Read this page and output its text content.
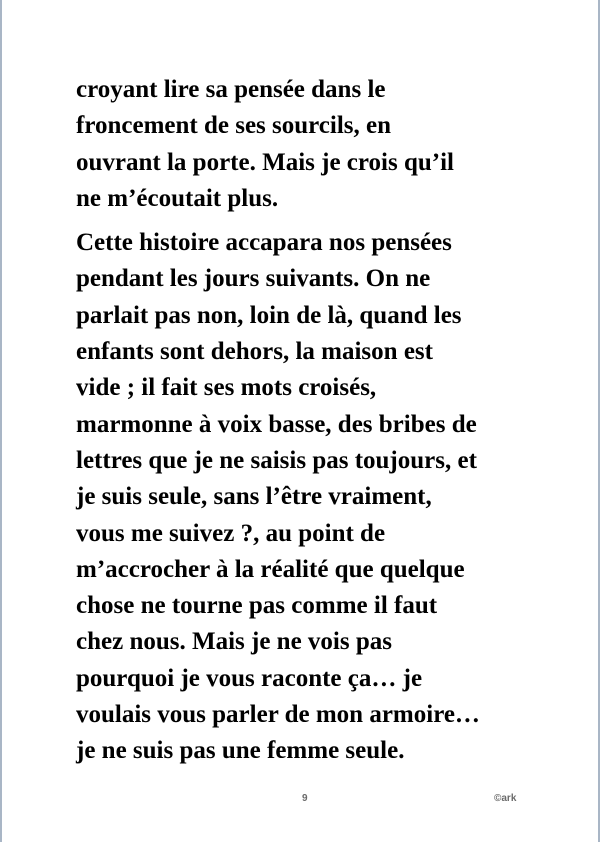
croyant lire sa pensée dans le
froncement de ses sourcils, en
ouvrant la porte. Mais je crois qu’il
ne m’écoutait plus.

Cette histoire accapara nos pensées
pendant les jours suivants. On ne
parlait pas non, loin de là, quand les
enfants sont dehors, la maison est
vide ; il fait ses mots croisés,
marmonne à voix basse, des bribes de
lettres que je ne saisis pas toujours, et
je suis seule, sans l’être vraiment,
vous me suivez ?, au point de
m’accrocher à la réalité que quelque
chose ne tourne pas comme il faut
chez nous. Mais je ne vois pas
pourquoi je vous raconte ça… je
voulais vous parler de mon armoire…
je ne suis pas une femme seule.

9	©ark
